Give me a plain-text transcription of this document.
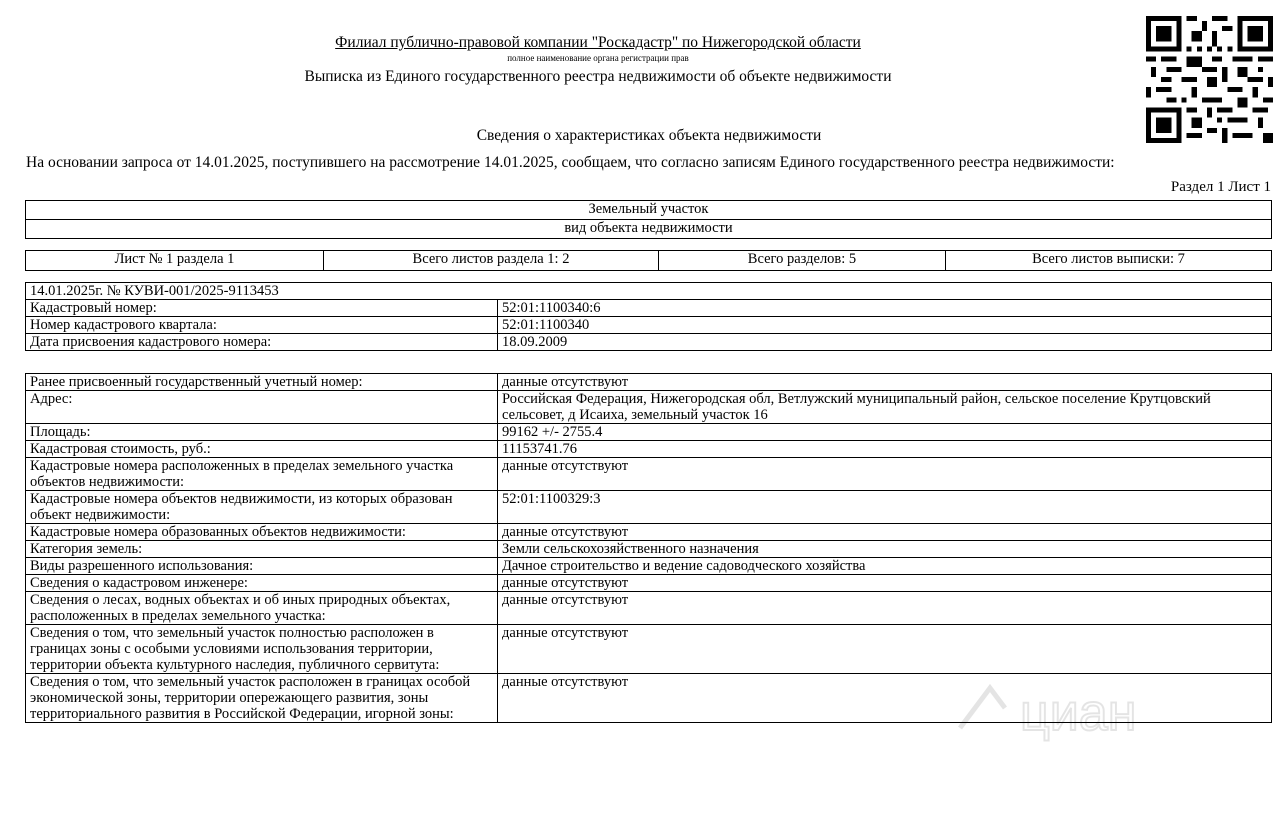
Филиал публично-правовой компании "Роскадастр" по Нижегородской области
полное наименование органа регистрации прав
Выписка из Единого государственного реестра недвижимости об объекте недвижимости
Сведения о характеристиках объекта недвижимости
На основании запроса от 14.01.2025, поступившего на рассмотрение 14.01.2025, сообщаем, что согласно записям Единого государственного реестра недвижимости:
Раздел 1 Лист 1
Земельный участок
вид объекта недвижимости
Лист № 1 раздела 1	Всего листов раздела 1: 2	Всего разделов: 5	Всего листов выписки: 7
14.01.2025г. № КУВИ-001/2025-9113453	
Кадастровый номер:	52:01:1100340:6
Номер кадастрового квартала:	52:01:1100340
Дата присвоения кадастрового номера:	18.09.2009
Ранее присвоенный государственный учетный номер:	данные отсутствуют
Адрес:	Российская Федерация, Нижегородская обл, Ветлужский муниципальный район, сельское поселение Крутцовский сельсовет, д Исаиха, земельный участок 16
Площадь:	99162 +/- 2755.4
Кадастровая стоимость, руб.:	11153741.76
Кадастровые номера расположенных в пределах земельного участка объектов недвижимости:	данные отсутствуют
Кадастровые номера объектов недвижимости, из которых образован объект недвижимости:	52:01:1100329:3
Кадастровые номера образованных объектов недвижимости:	данные отсутствуют
Категория земель:	Земли сельскохозяйственного назначения
Виды разрешенного использования:	Дачное строительство и ведение садоводческого хозяйства
Сведения о кадастровом инженере:	данные отсутствуют
Сведения о лесах, водных объектах и об иных природных объектах, расположенных в пределах земельного участка:	данные отсутствуют
Сведения о том, что земельный участок полностью расположен в границах зоны с особыми условиями использования территории, территории объекта культурного наследия, публичного сервитута:	данные отсутствуют
Сведения о том, что земельный участок расположен в границах особой экономической зоны, территории опережающего развития, зоны территориального развития в Российской Федерации, игорной зоны:	данные отсутствуют
циан
